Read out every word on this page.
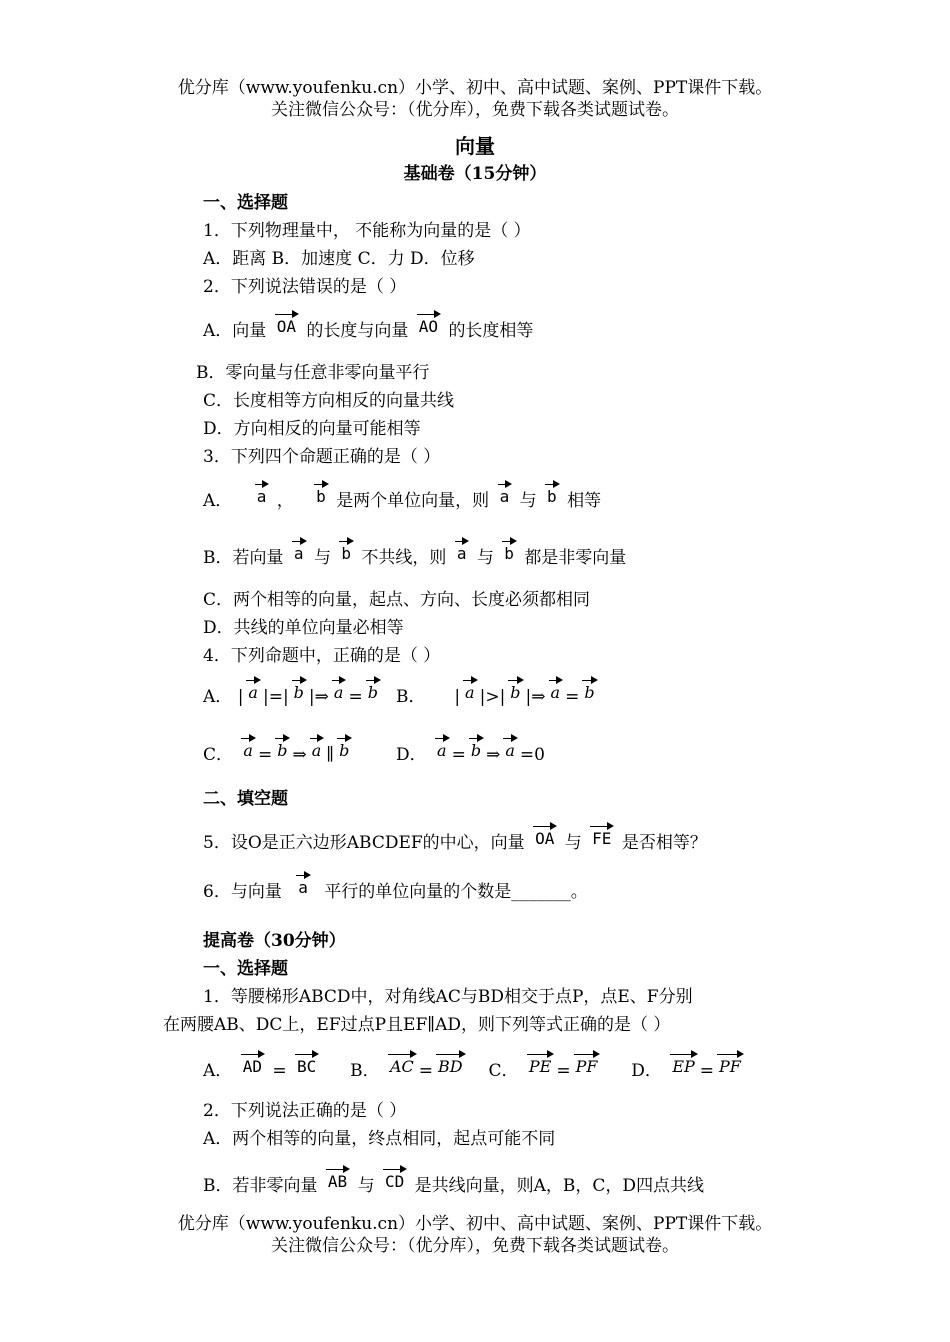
优分库（www.youfenku.cn）小学、初中、高中试题、案例、PPT课件下载。
关注微信公众号：（优分库），免费下载各类试题试卷。
向量
基础卷（15分钟）
一、选择题
1．下列物理量中， 不能称为向量的是（ ）
A．距离 B．加速度 C．力 D．位移
2．下列说法错误的是（ ）
A．向量 OA 的长度与向量 AO 的长度相等
B．零向量与任意非零向量平行
C．长度相等方向相反的向量共线
D．方向相反的向量可能相等
3．下列四个命题正确的是（ ）
A． a ， b 是两个单位向量，则 a 与 b 相等
B．若向量 a 与 b 不共线，则 a 与 b 都是非零向量
C．两个相等的向量，起点、方向、长度必须都相同
D．共线的单位向量必相等
4．下列命题中，正确的是（ ）
A． | a |=| b |⇒ a = b B． | a |>| b |⇒ a = b
C． a = b ⇒ a ∥ b	D． a = b ⇒ a =0
二、填空题
5．设O是正六边形ABCDEF的中心，向量 OA 与 FE 是否相等？
6．与向量 a 平行的单位向量的个数是_______。
提高卷（30分钟）
一、选择题
1．等腰梯形ABCD中，对角线AC与BD相交于点P，点E、F分别
在两腰AB、DC上，EF过点P且EF∥AD，则下列等式正确的是（ ）
A． AD = BC B． AC = BD C． PE = PF D． EP = PF
2．下列说法正确的是（ ）
A．两个相等的向量，终点相同，起点可能不同
B．若非零向量 AB 与 CD 是共线向量，则A，B，C，D四点共线
优分库（www.youfenku.cn）小学、初中、高中试题、案例、PPT课件下载。
关注微信公众号：（优分库），免费下载各类试题试卷。
